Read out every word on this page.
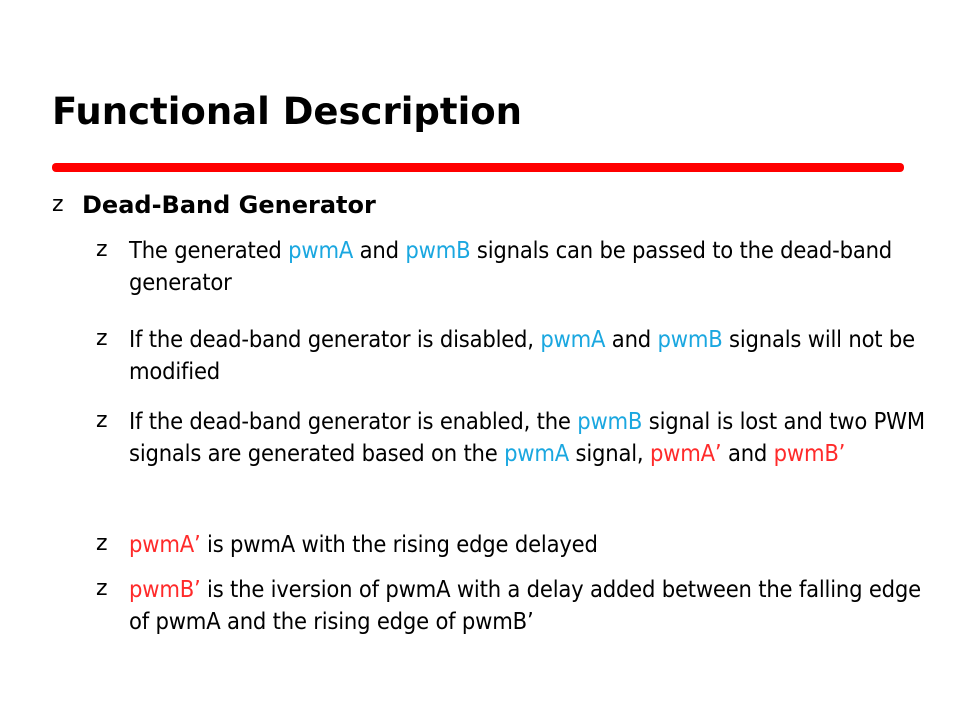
Functional Description
z Dead-Band Generator
z The generated pwmA and pwmB signals can be passed to the dead-band generator
z If the dead-band generator is disabled, pwmA and pwmB signals will not be modified
z If the dead-band generator is enabled, the pwmB signal is lost and two PWM signals are generated based on the pwmA signal, pwmA’ and pwmB’
z pwmA’ is pwmA with the rising edge delayed
z pwmB’ is the iversion of pwmA with a delay added between the falling edge of pwmA and the rising edge of pwmB’
